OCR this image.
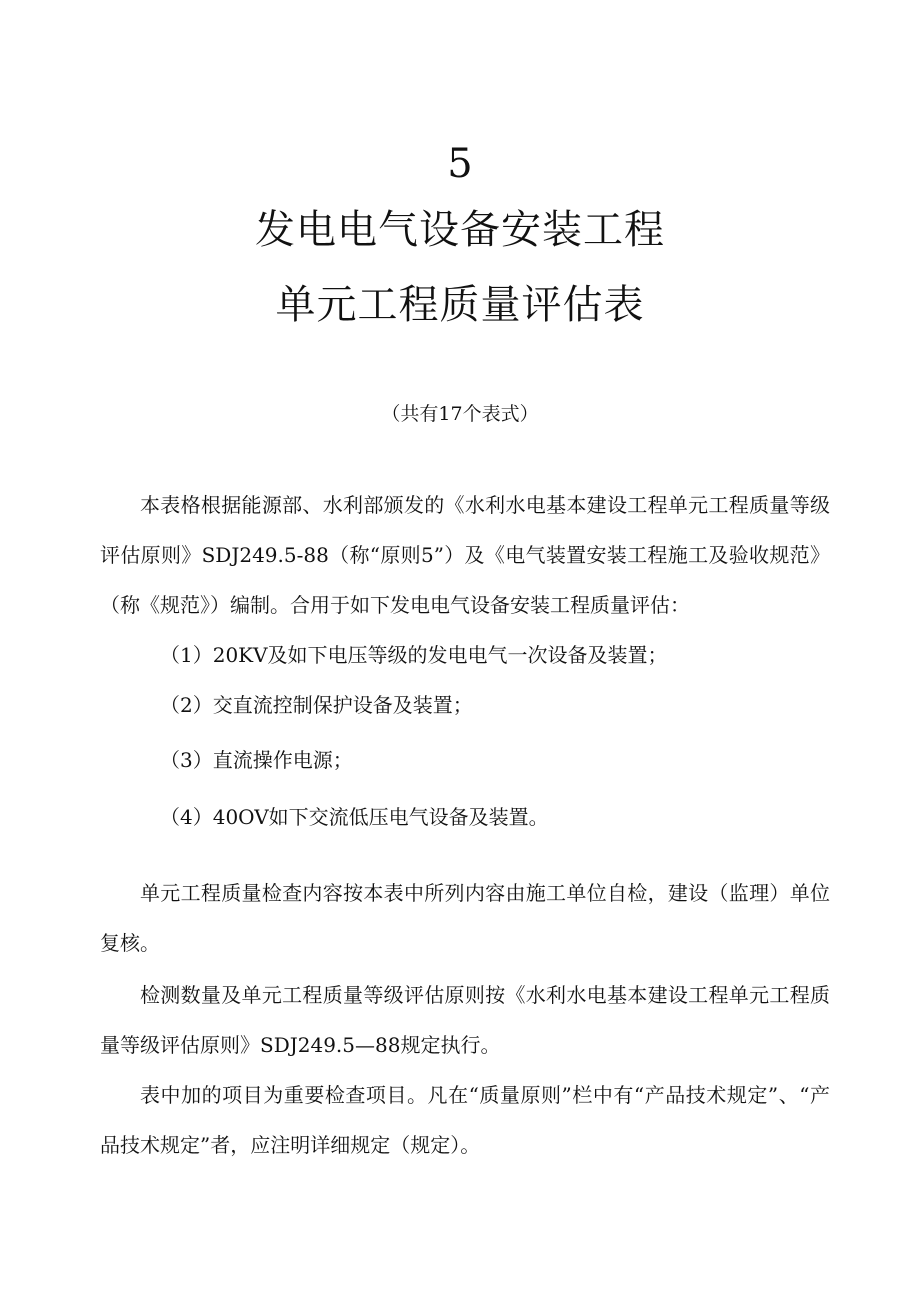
5
发电电气设备安装工程
单元工程质量评估表
（共有17个表式）

本表格根据能源部、水利部颁发的《水利水电基本建设工程单元工程质量等级评估原则》SDJ249.5-88（称“原则5”）及《电气装置安装工程施工及验收规范》（称《规范》）编制。合用于如下发电电气设备安装工程质量评估：

（1）20KV及如下电压等级的发电电气一次设备及装置；
（2）交直流控制保护设备及装置；
（3）直流操作电源；
（4）40OV如下交流低压电气设备及装置。

单元工程质量检查内容按本表中所列内容由施工单位自检，建设（监理）单位复核。

检测数量及单元工程质量等级评估原则按《水利水电基本建设工程单元工程质量等级评估原则》SDJ249.5—88规定执行。

表中加的项目为重要检查项目。凡在“质量原则”栏中有“产品技术规定”、“产品技术规定”者，应注明详细规定（规定）。
